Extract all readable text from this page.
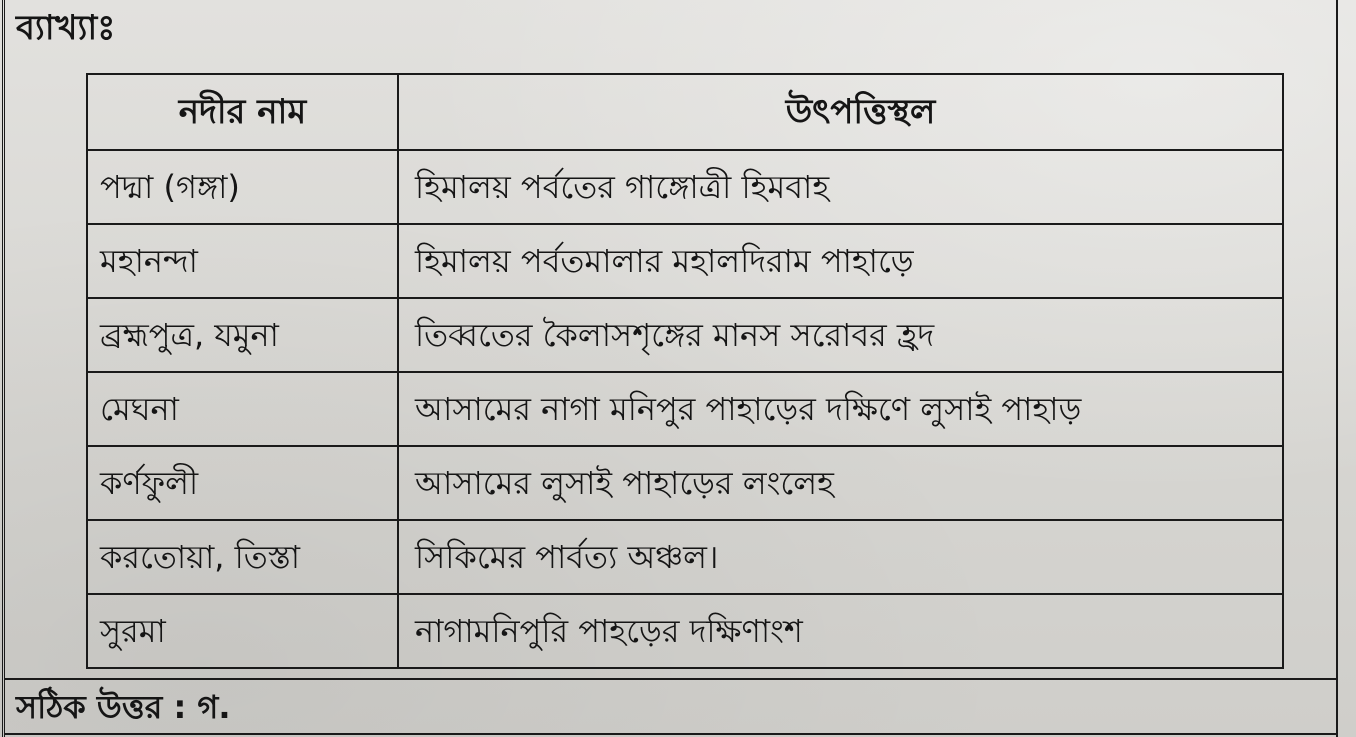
ব্যাখ্যাঃ
নদীর নাম	উৎপত্তিস্থল
পদ্মা (গঙ্গা)	হিমালয় পর্বতের গাঙ্গোত্রী হিমবাহ
মহানন্দা	হিমালয় পর্বতমালার মহালদিরাম পাহাড়ে
ব্রহ্মপুত্র, যমুনা	তিব্বতের কৈলাসশৃঙ্গের মানস সরোবর হ্রদ
মেঘনা	আসামের নাগা মনিপুর পাহাড়ের দক্ষিণে লুসাই পাহাড়
কর্ণফুলী	আসামের লুসাই পাহাড়ের লংলেহ
করতোয়া, তিস্তা	সিকিমের পার্বত্য অঞ্চল।
সুরমা	নাগামনিপুরি পাহড়ের দক্ষিণাংশ
সঠিক উত্তর : গ.
